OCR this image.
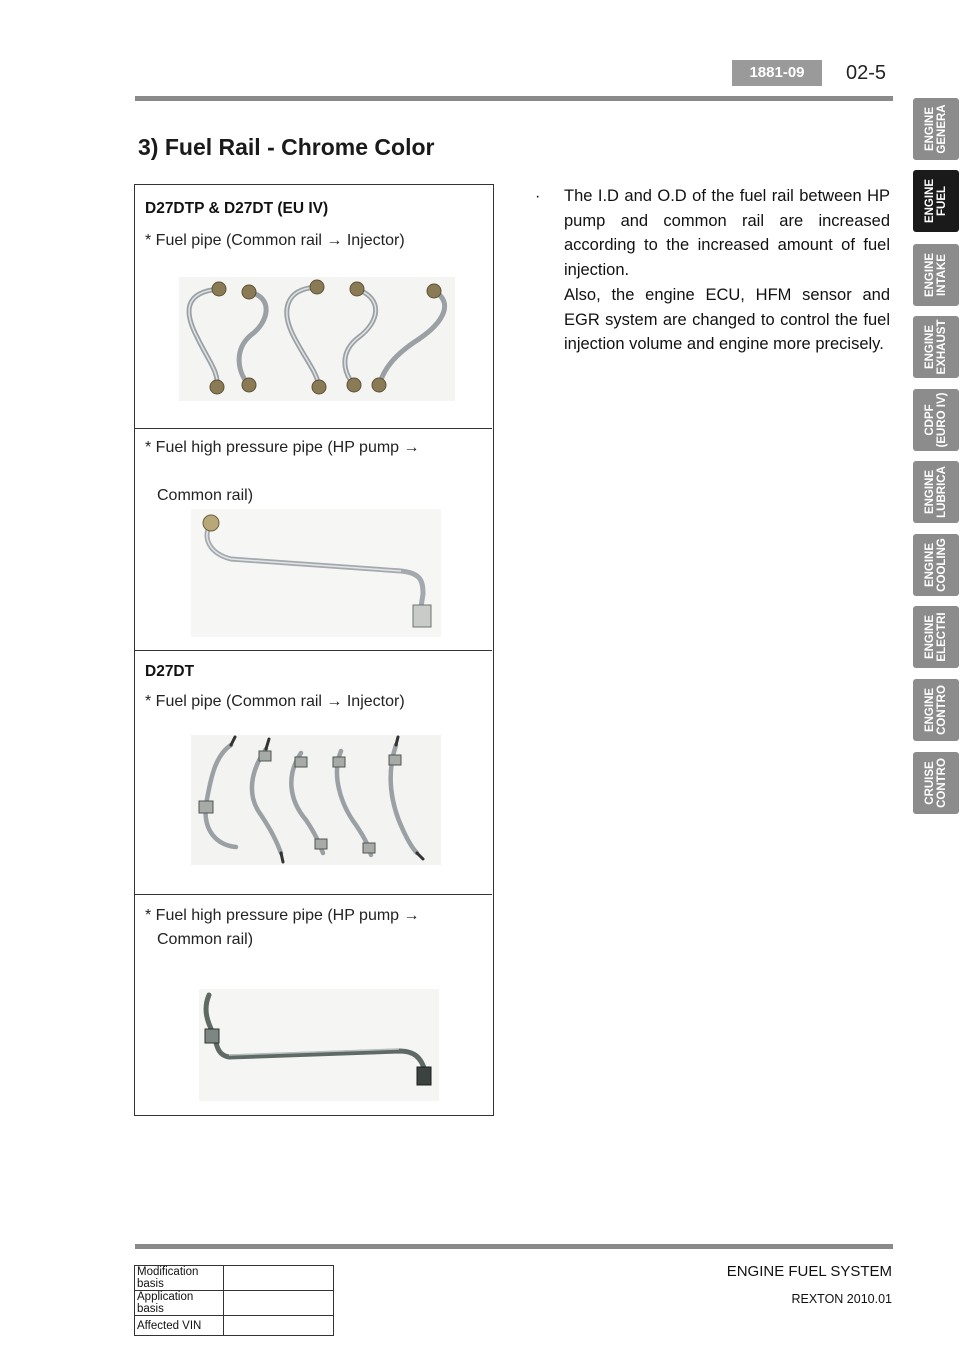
1881-09	02-5
3) Fuel Rail - Chrome Color
D27DTP & D27DT (EU IV)
* Fuel pipe (Common rail → Injector)
* Fuel high pressure pipe (HP pump →
Common rail)
D27DT
* Fuel pipe (Common rail → Injector)
* Fuel high pressure pipe (HP pump →
Common rail)
· The I.D and O.D of the fuel rail between HP pump and common rail are increased according to the increased amount of fuel injection.
Also, the engine ECU, HFM sensor and EGR system are changed to control the fuel injection volume and engine more precisely.
ENGINE
GENERA
ENGINE
FUEL
ENGINE
INTAKE
ENGINE
EXHAUST
CDPF
(EURO IV)
ENGINE
LUBRICA
ENGINE
COOLING
ENGINE
ELECTRI
ENGINE
CONTRO
CRUISE
CONTRO
ENGINE FUEL SYSTEM
REXTON 2010.01
Modification basis	
Application basis	
Affected VIN	
